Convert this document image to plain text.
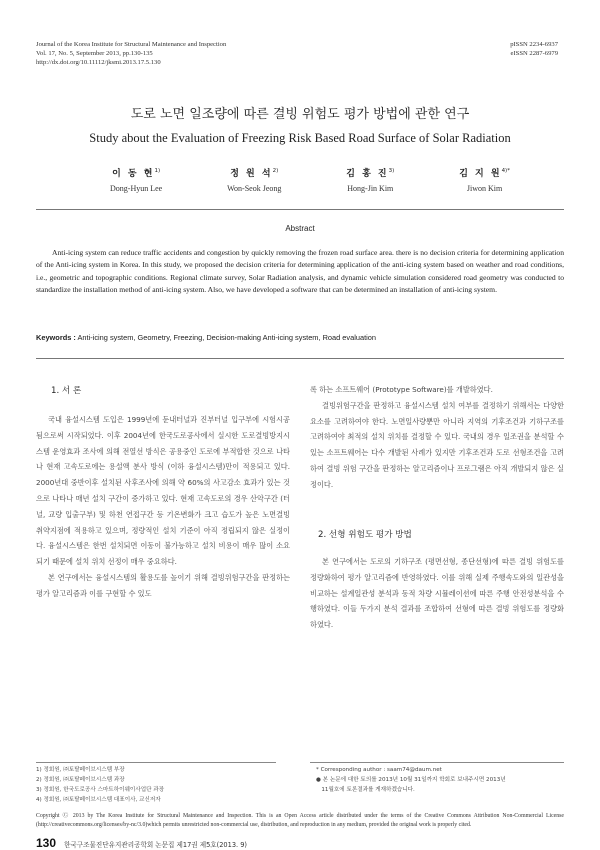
Journal of the Korea Institute for Structural Maintenance and Inspection
Vol. 17, No. 5, September 2013, pp.130-135
http://dx.doi.org/10.11112/jksmi.2013.17.5.130
pISSN 2234-6937
eISSN 2287-6979
도로 노면 일조량에 따른 결빙 위험도 평가 방법에 관한 연구
Study about the Evaluation of Freezing Risk Based Road Surface of Solar Radiation
이 동 현$^{1)}$
Dong-Hyun Lee
정 원 석$^{2)}$
Won-Seok Jeong
김 홍 진$^{3)}$
Hong-Jin Kim
김 지 원$^{4)*}$
Jiwon Kim
Abstract

Anti-icing system can reduce traffic accidents and congestion by quickly removing the frozen road surface area. there is no decision criteria for determining application of the Anti-icing system in Korea. In this study, we proposed the decision criteria for determining application of the anti-icing system based on weather and road conditions, i.e., geometric and topographic conditions. Regional climate survey, Solar Radiation analysis, and dynamic vehicle simulation considered road geometry was conducted to standardize the installation method of anti-icing system. Also, we have developed a software that can be determined an installation of anti-icing system.

Keywords : Anti-icing system, Geometry, Freezing, Decision-making Anti-icing system, Road evaluation
1. 서 론

국내 융설시스템 도입은 1999년에 둔내터널과 진부터널 입구부에 시험시공됨으로써 시작되었다. 이후 2004년에 한국도로공사에서 실시한 도로결빙방지시스템 운영효과 조사에 의해 전열선 방식은 공용중인 도로에 부적합한 것으로 나타나 현재 고속도로에는 용설액 분사 방식 (이하 융설시스템)만이 적용되고 있다. 2000년대 중반이후 설치된 사후조사에 의해 약 60%의 사고감소 효과가 있는 것으로 나타나 매년 설치 구간이 증가하고 있다. 현재 고속도로의 경우 산악구간 (터널, 교량 입출구부) 및 하천 연접구간 등 기온변화가 크고 습도가 높은 노면결빙 취약지점에 적용하고 있으며, 정량적인 설치 기준이 아직 정립되지 않은 실정이다. 융설시스템은 한번 설치되면 이동이 불가능하고 설치 비용이 매우 많이 소요되기 때문에 설치 위치 선정이 매우 중요하다.

본 연구에서는 융설시스템의 활용도를 높이기 위해 결빙위험구간을 판정하는 평가 알고리즘과 이를 구현할 수 있도

록 하는 소프트웨어 (Prototype Software)를 개발하였다.

결빙위험구간을 판정하고 융설시스템 설치 여부를 결정하기 위해서는 다양한 요소를 고려하여야 한다. 노면일사량뿐만 아니라 지역의 기후조건과 기하구조를 고려하여야 최적의 설치 위치를 결정할 수 있다. 국내의 경우 일조권을 분석할 수 있는 소프트웨어는 다수 개발된 사례가 있지만 기후조건과 도로 선형조건을 고려하여 결빙 위험 구간을 판정하는 알고리즘이나 프로그램은 아직 개발되지 않은 실정이다.

2. 선형 위험도 평가 방법

본 연구에서는 도로의 기하구조 (평면선형, 종단선형)에 따른 결빙 위험도를 정량화하여 평가 알고리즘에 반영하였다. 이를 위해 실제 주행속도와의 일관성을 비교하는 설계일관성 분석과 동적 차량 시뮬레이션에 따른 주행 안전성분석을 수행하였다. 이들 두가지 분석 결과를 조합하여 선형에 따른 결빙 위험도를 정량화하였다.

1) 정회원, ㈜토탈페이브시스템 부장
2) 정회원, ㈜토탈페이브시스템 과장
3) 정회원, 한국도로공사 스마트하이웨이사업단 과장
4) 정회원, ㈜토탈페이브시스템 대표이사, 교신저자
* Corresponding author : saam74@daum.net
● 본 논문에 대한 토의를 2013년 10월 31일까지 학회로 보내주시면 2013년
11월호에 토론결과를 게재하겠습니다.
Copyright Ⓒ 2013 by The Korea Institute for Structural Maintenance and Inspection. This is an Open Access article distributed under the terms of the Creative Commons Attribution Non-Commercial License (http://creativecommons.org/licenses/by-nc/3.0)which permits unrestricted non-commercial use, distribution, and reproduction in any medium, provided the original work is properly cited.
130 한국구조물진단유지관리공학회 논문집 제17권 제5호(2013. 9)
